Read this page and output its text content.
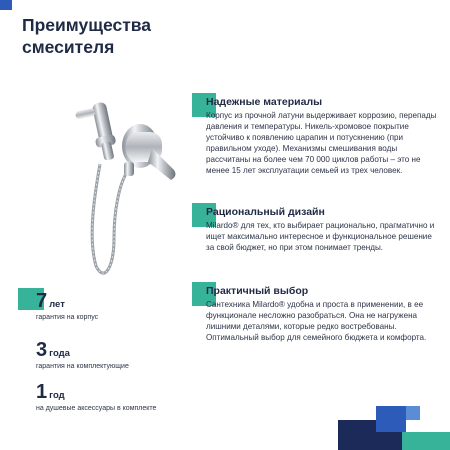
Преимущества
смесителя
Надежные материалы

Корпус из прочной латуни выдерживает коррозию, перепады давления и температуры. Никель-хромовое покрытие устойчиво к появлению царапин и потускнению (при правильном уходе). Механизмы смешивания воды рассчитаны на более чем 70 000 циклов работы – это не менее 15 лет эксплуатации семьей из трех человек.

Рациональный дизайн

Milardo® для тех, кто выбирает рационально, прагматично и ищет максимально интересное и функциональное решение за свой бюджет, но при этом понимает тренды.

Практичный выбор

Сантехника Milardo® удобна и проста в применении, в ее функционале несложно разобраться. Она не нагружена лишними деталями, которые редко востребованы. Оптимальный выбор для семейного бюджета и комфорта.

7 лет
гарантия на корпус
3 года
гарантия на комплектующие
1 год
на душевые аксессуары в комплекте
